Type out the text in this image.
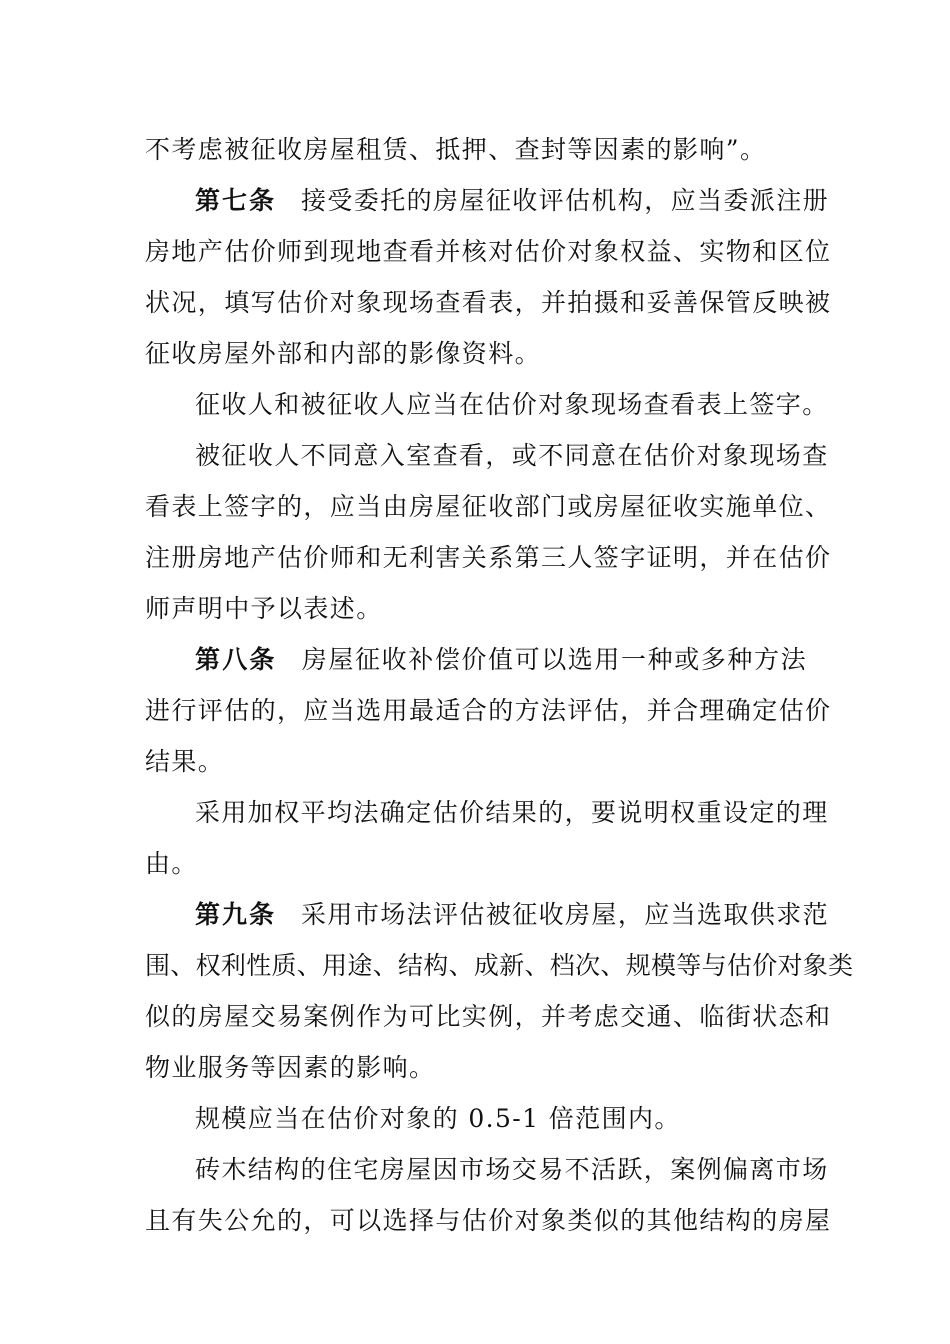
不考虑被征收房屋租赁、抵押、查封等因素的影响”。
第七条 接受委托的房屋征收评估机构，应当委派注册
房地产估价师到现地查看并核对估价对象权益、实物和区位
状况，填写估价对象现场查看表，并拍摄和妥善保管反映被
征收房屋外部和内部的影像资料。
征收人和被征收人应当在估价对象现场查看表上签字。
被征收人不同意入室查看，或不同意在估价对象现场查
看表上签字的，应当由房屋征收部门或房屋征收实施单位、
注册房地产估价师和无利害关系第三人签字证明，并在估价
师声明中予以表述。
第八条 房屋征收补偿价值可以选用一种或多种方法
进行评估的，应当选用最适合的方法评估，并合理确定估价
结果。
采用加权平均法确定估价结果的，要说明权重设定的理
由。
第九条 采用市场法评估被征收房屋，应当选取供求范
围、权利性质、用途、结构、成新、档次、规模等与估价对象类
似的房屋交易案例作为可比实例，并考虑交通、临街状态和
物业服务等因素的影响。
规模应当在估价对象的 0.5-1 倍范围内。
砖木结构的住宅房屋因市场交易不活跃，案例偏离市场
且有失公允的，可以选择与估价对象类似的其他结构的房屋
